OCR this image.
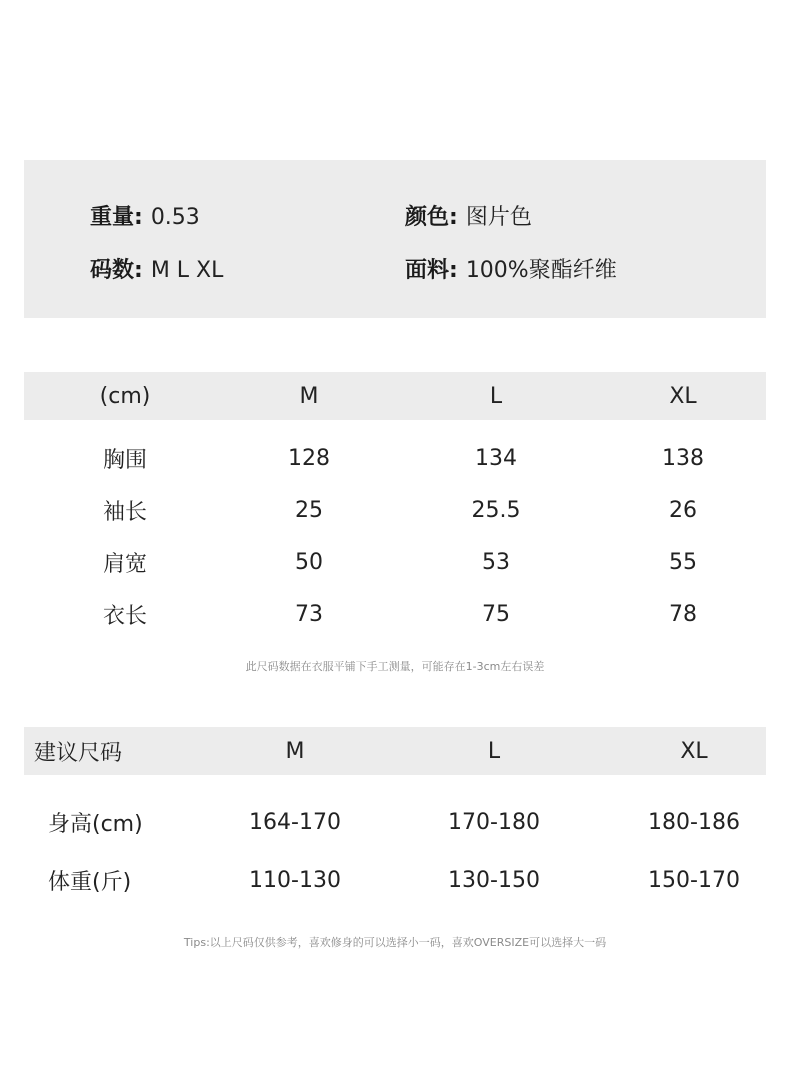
重量: 0.53	颜色: 图片色
码数: M L XL	面料: 100%聚酯纤维
(cm)	M	L	XL
胸围	128	134	138
袖长	25	25.5	26
肩宽	50	53	55
衣长	73	75	78
此尺码数据在衣服平铺下手工测量，可能存在1-3cm左右误差
建议尺码	M	L	XL
身高(cm)	164-170	170-180	180-186
体重(斤)	110-130	130-150	150-170
Tips:以上尺码仅供参考，喜欢修身的可以选择小一码，喜欢OVERSIZE可以选择大一码
